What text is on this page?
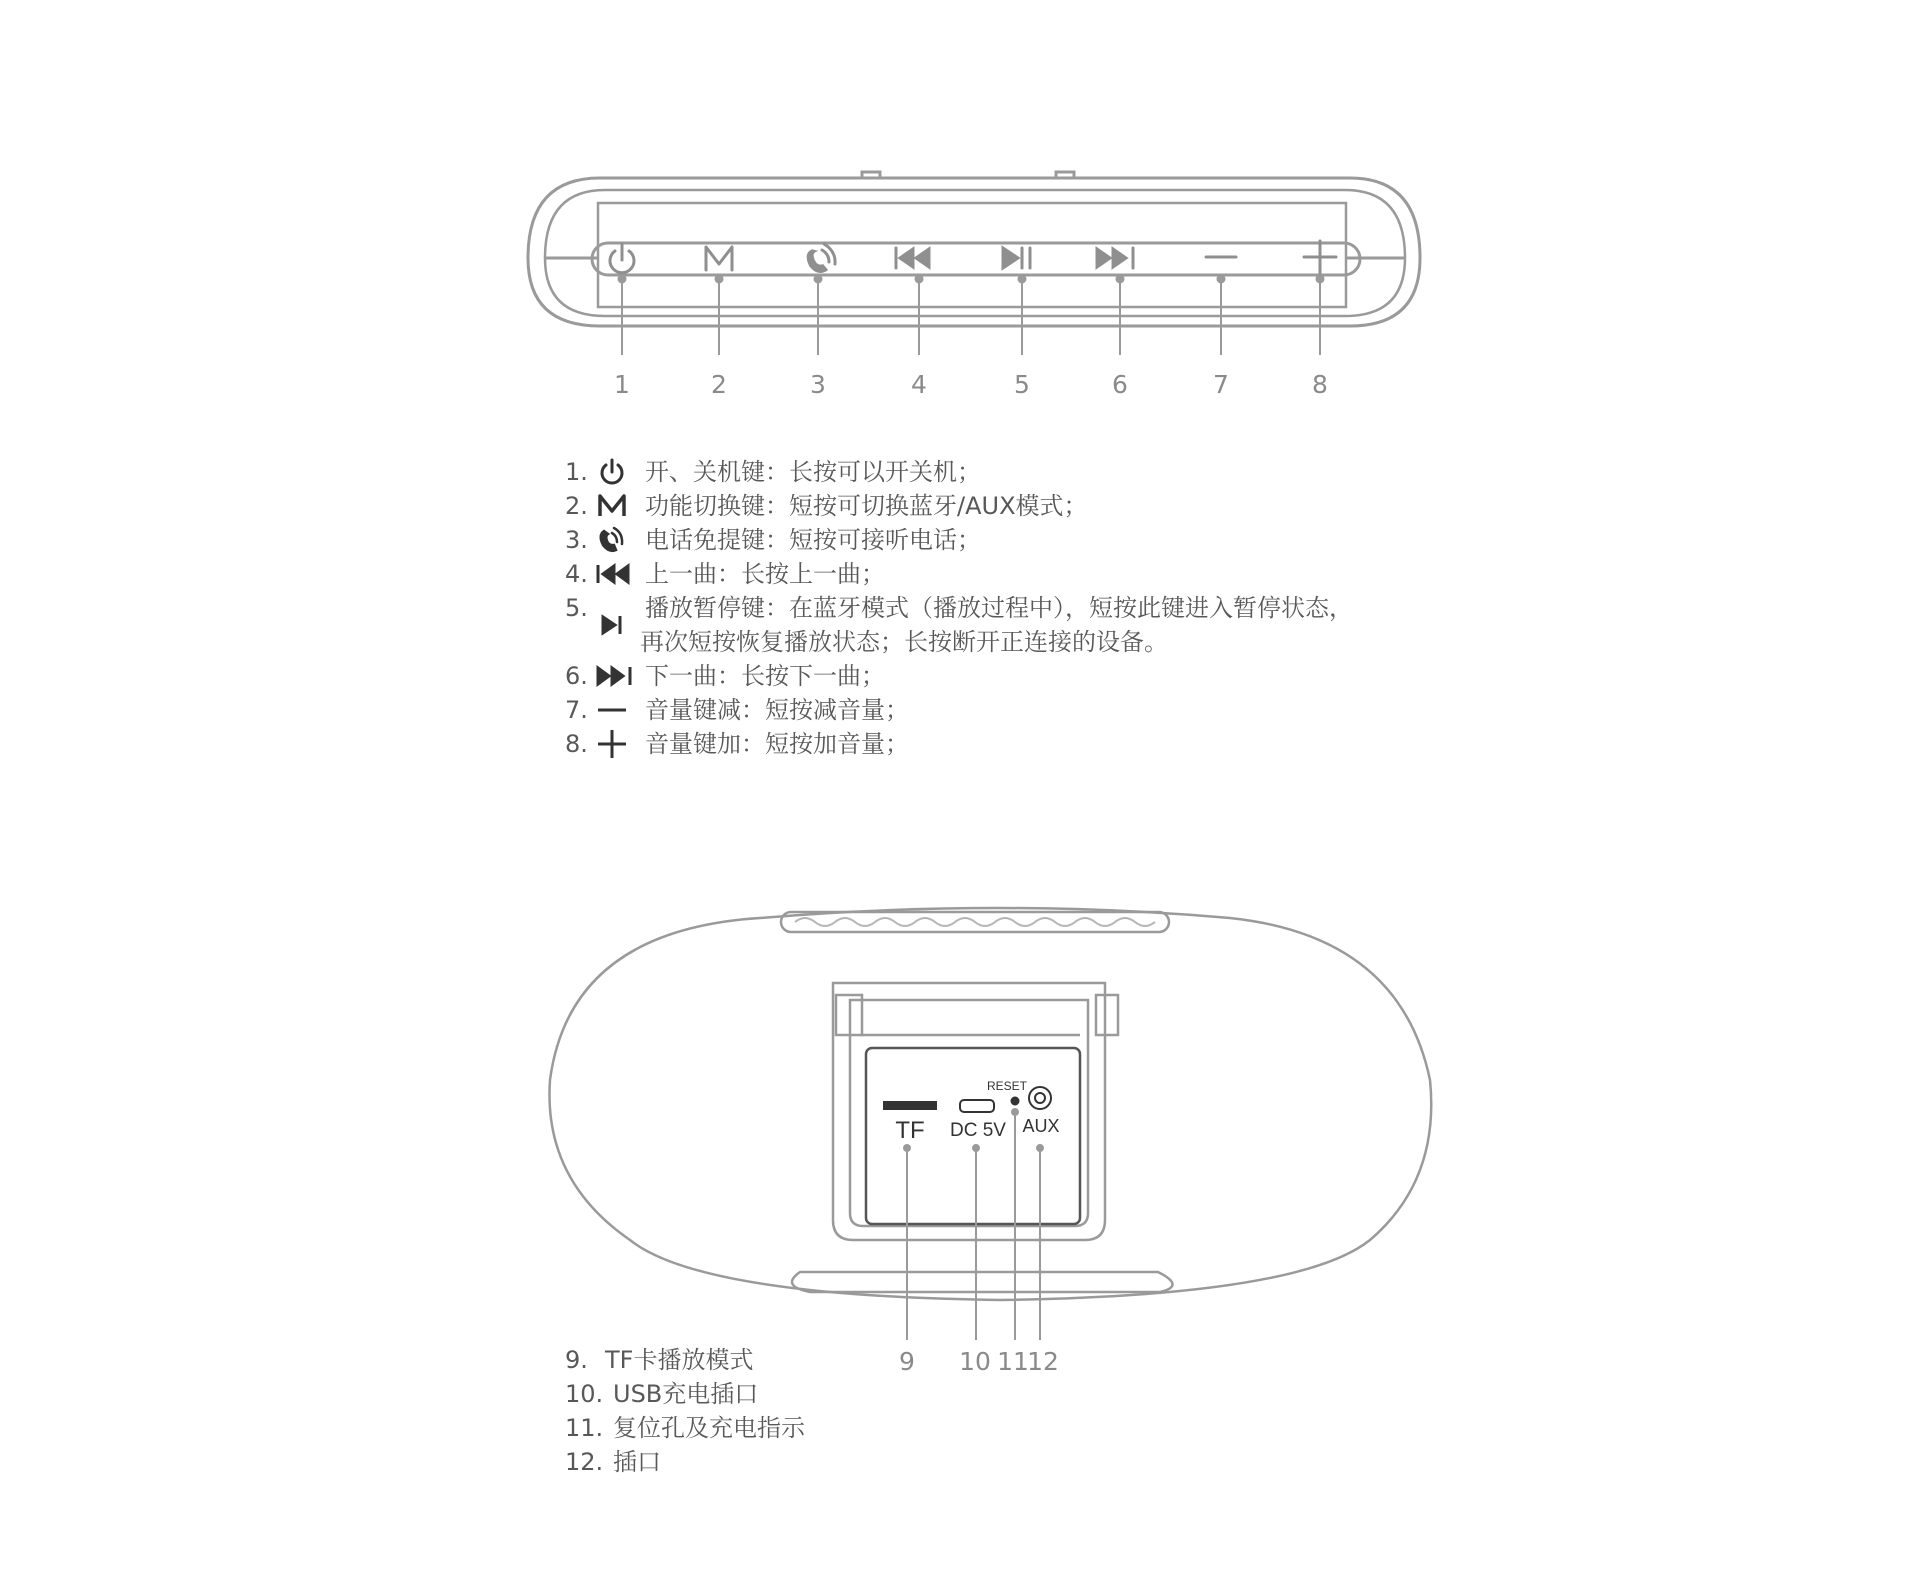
1	2	3	4	5	6	7	8
TF DC 5V
RESET
AUX
9 10 11
12
1. 开、关机键：长按可以开关机；
2. 功能切换键：短按可切换蓝牙/AUX模式；
3. 电话免提键：短按可接听电话；
4. 上一曲：长按上一曲；
5. 播放暂停键：在蓝牙模式（播放过程中），短按此键进入暂停状态，
再次短按恢复播放状态；长按断开正连接的设备。
6. 下一曲：长按下一曲；
7. 音量键减：短按减音量；
8. 音量键加：短按加音量；
9. TF卡播放模式
10. USB充电插口
11. 复位孔及充电指示
12. 插口
